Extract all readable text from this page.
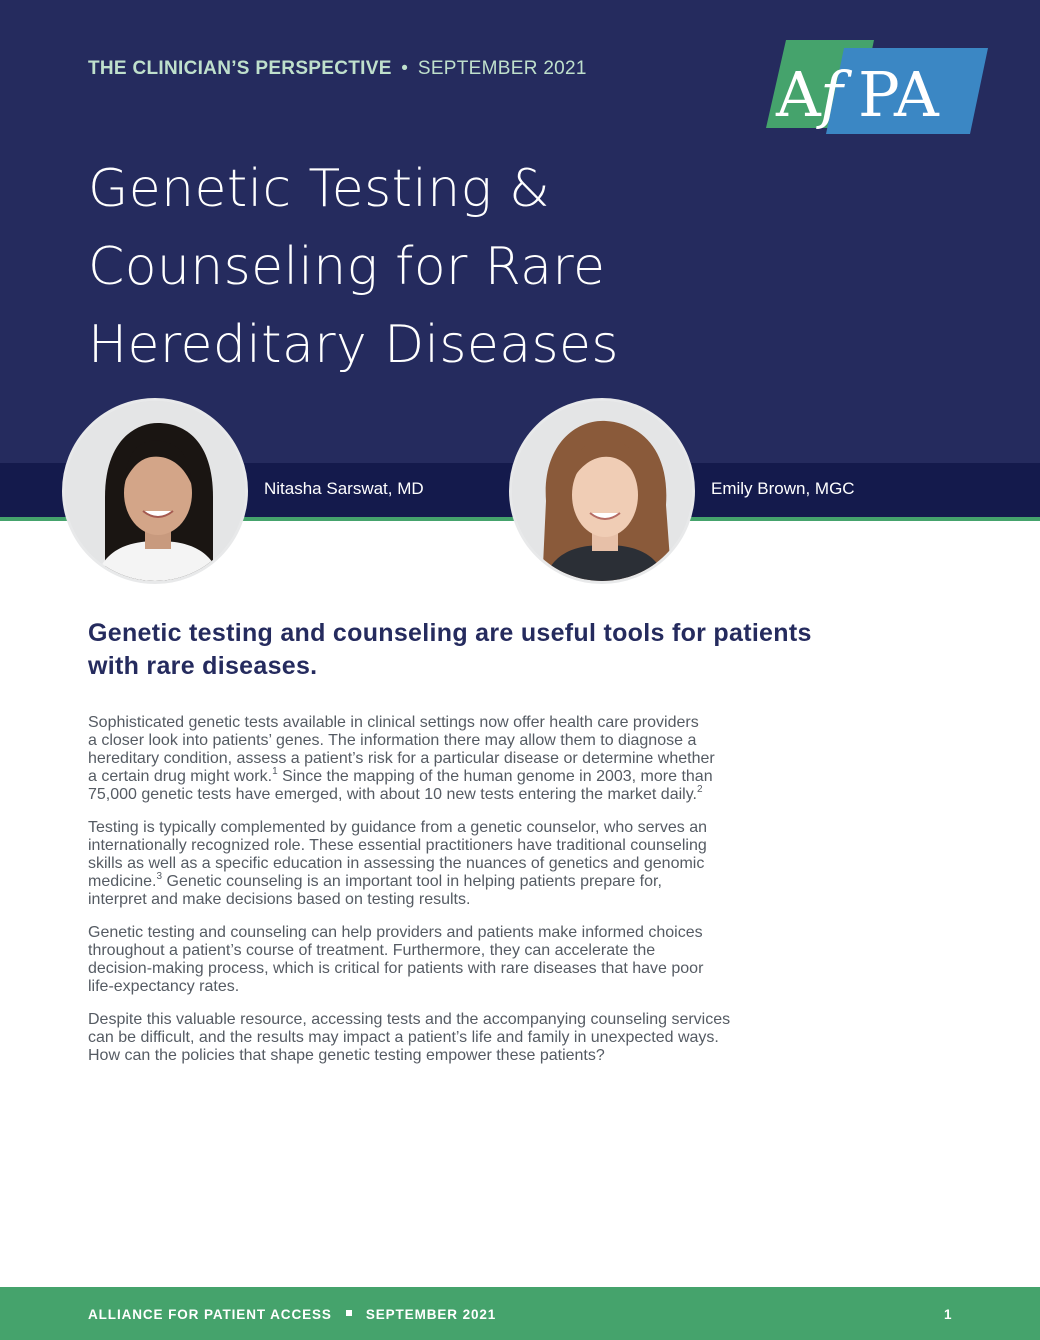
THE CLINICIAN’S PERSPECTIVE • SEPTEMBER 2021
Genetic Testing &
Counseling for Rare
Hereditary Diseases
A f PA
Nitasha Sarswat, MD	Emily Brown, MGC
Genetic testing and counseling are useful tools for patients
with rare diseases.

Sophisticated genetic tests available in clinical settings now offer health care providers
a closer look into patients’ genes. The information there may allow them to diagnose a
hereditary condition, assess a patient’s risk for a particular disease or determine whether
a certain drug might work.$^1$ Since the mapping of the human genome in 2003, more than
75,000 genetic tests have emerged, with about 10 new tests entering the market daily.$^2$

Testing is typically complemented by guidance from a genetic counselor, who serves an
internationally recognized role. These essential practitioners have traditional counseling
skills as well as a specific education in assessing the nuances of genetics and genomic
medicine.$^3$ Genetic counseling is an important tool in helping patients prepare for,
interpret and make decisions based on testing results.

Genetic testing and counseling can help providers and patients make informed choices
throughout a patient’s course of treatment. Furthermore, they can accelerate the
decision-making process, which is critical for patients with rare diseases that have poor
life-expectancy rates.

Despite this valuable resource, accessing tests and the accompanying counseling services
can be difficult, and the results may impact a patient’s life and family in unexpected ways.
How can the policies that shape genetic testing empower these patients?

ALLIANCE FOR PATIENT ACCESS	SEPTEMBER 2021	1
